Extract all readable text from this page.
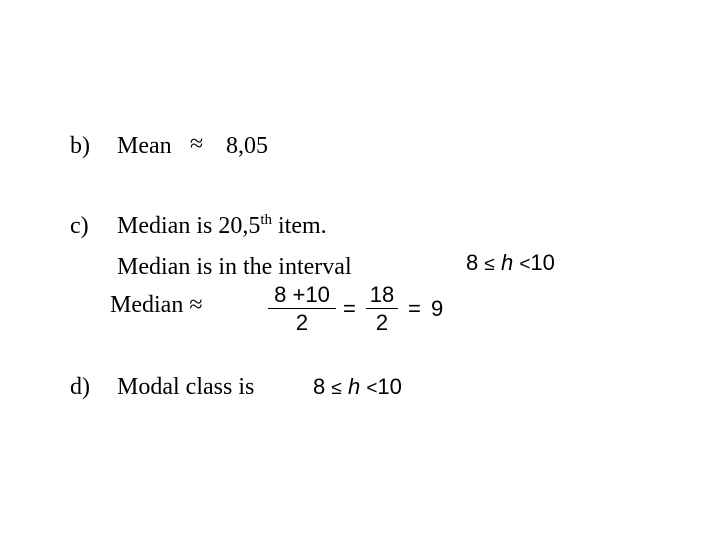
b) Mean ≈ 8,05
c) Median is 20,5th item.
Median is in the interval	8 ≤ h <10
Median ≈	8 +10
2
=
18
2
= 9
d) Modal class is	8 ≤ h <10
